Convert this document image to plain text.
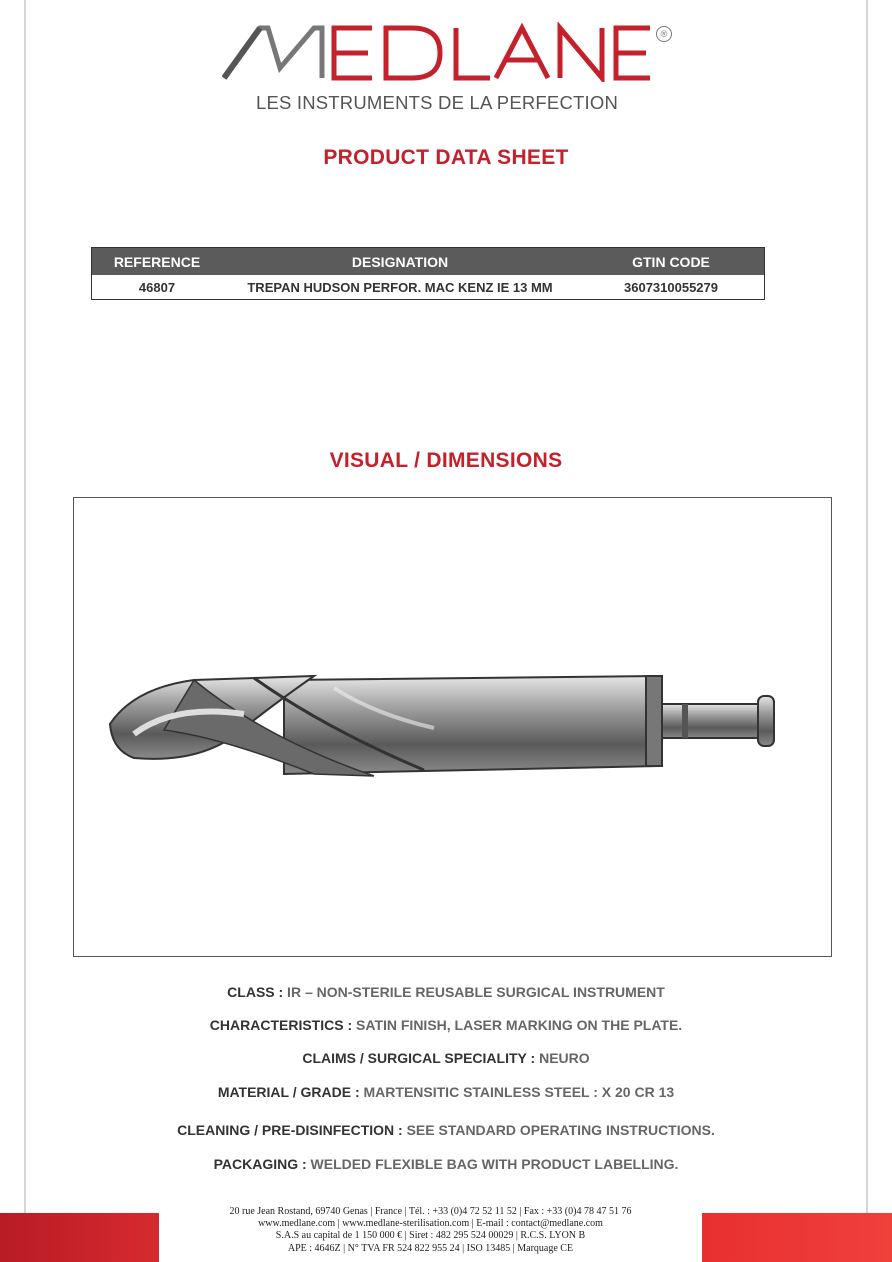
®
LES INSTRUMENTS DE LA PERFECTION
PRODUCT DATA SHEET
REFERENCE	DESIGNATION	GTIN CODE
46807	TREPAN HUDSON PERFOR. MAC KENZ IE 13 MM	3607310055279
VISUAL / DIMENSIONS
CLASS : IR – NON-STERILE REUSABLE SURGICAL INSTRUMENT
CHARACTERISTICS : SATIN FINISH, LASER MARKING ON THE PLATE.
CLAIMS / SURGICAL SPECIALITY : NEURO
MATERIAL / GRADE : MARTENSITIC STAINLESS STEEL : X 20 CR 13
CLEANING / PRE-DISINFECTION : SEE STANDARD OPERATING INSTRUCTIONS.
PACKAGING : WELDED FLEXIBLE BAG WITH PRODUCT LABELLING.
20 rue Jean Rostand, 69740 Genas | France | Tél. : +33 (0)4 72 52 11 52 | Fax : +33 (0)4 78 47 51 76
www.medlane.com | www.medlane-sterilisation.com | E-mail : contact@medlane.com
S.A.S au capital de 1 150 000 € | Siret : 482 295 524 00029 | R.C.S. LYON B
APE : 4646Z | N° TVA FR 524 822 955 24 | ISO 13485 | Marquage CE
